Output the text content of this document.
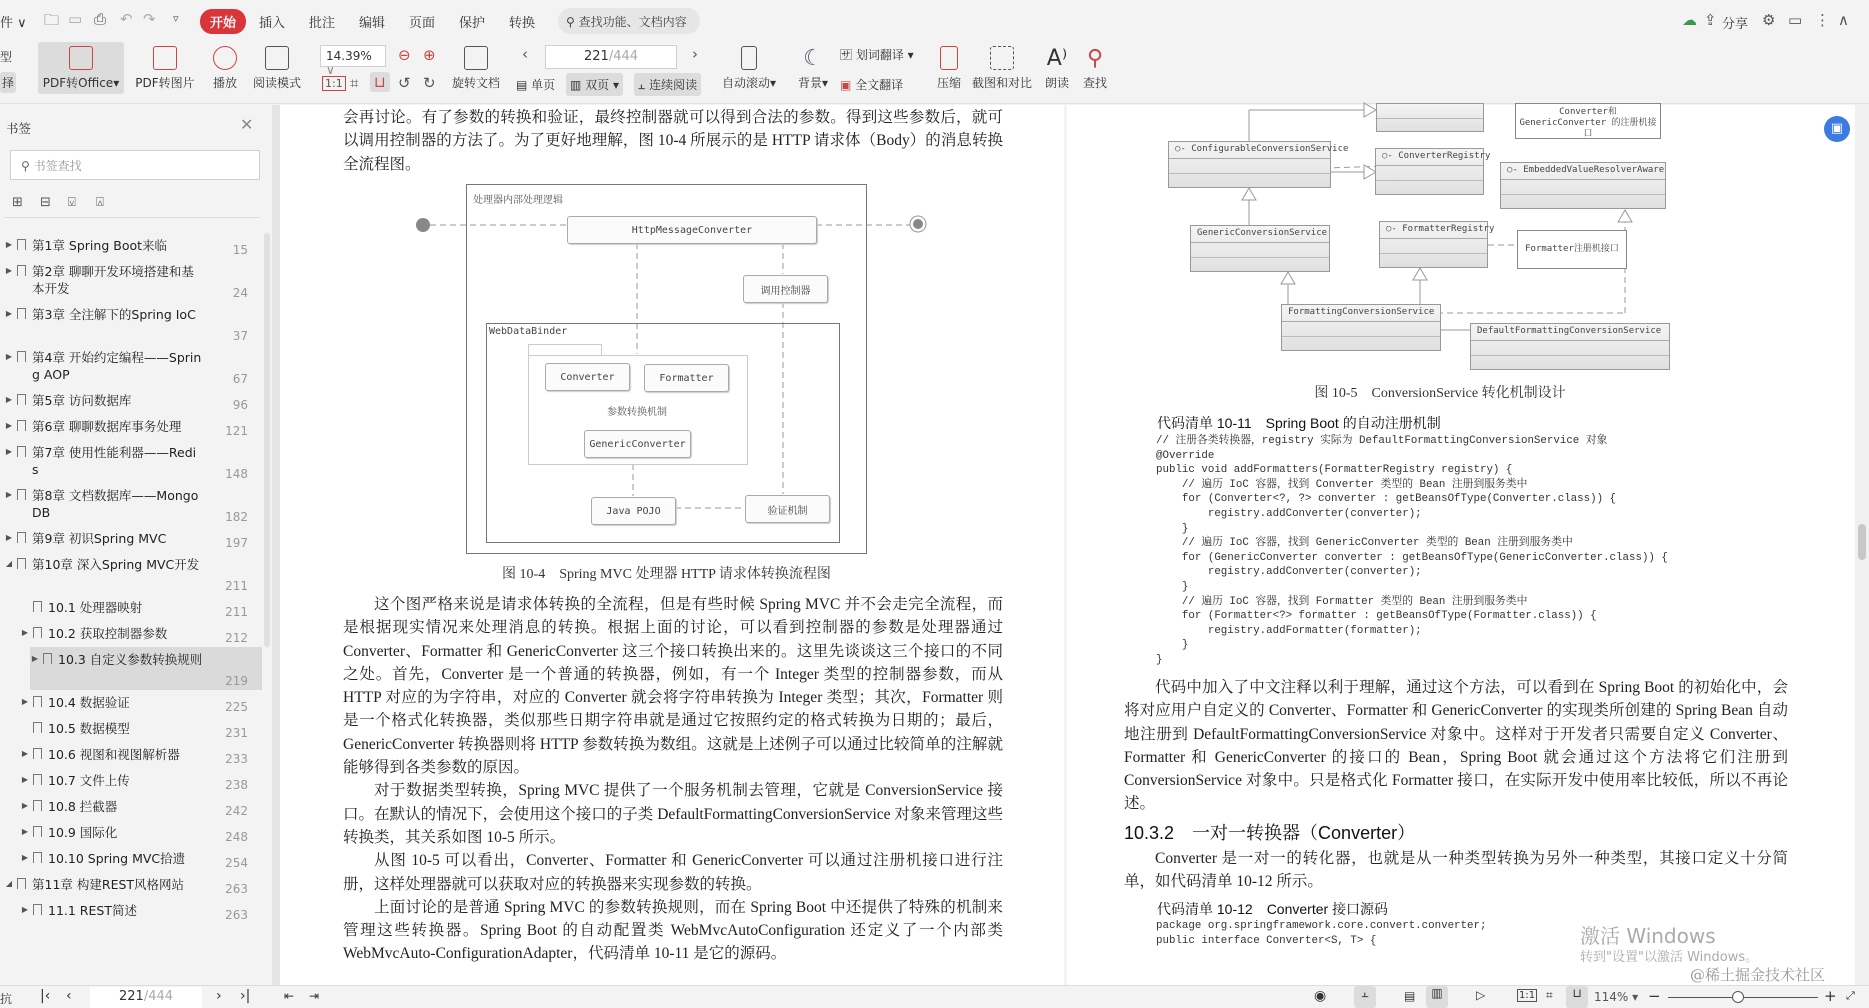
件 ∨ 🗀 ▭ ⎙ ↶ ↷ ▿	开始	插入 批注 编辑 页面 保护 转换	⚲ 查找功能、文档内容	☁ ⇪ 分享 ⚙ ▭ ⋮ ∧
型
择	PDF转Office▾	PDF转图片	播放	阅读模式
14.39% ∨
⊖ ⊕
1:1 ⌗ ⊔ ↺ ↻	旋转文档
‹	221/444	›
▤ 单页	▥ 双页 ▾	⫠ 连续阅读	自动滚动▾
☾
背景▾
🈂 划词翻译 ▾
▣ 全文翻译	压缩 截图和对比
A⁾
朗读
⚲
查找
书签	✕
⚲ 书签查找
⊞ ⊟ ⍌ ⍓
▶ 第1章 Spring Boot来临	15
▶ 第2章 聊聊开发环境搭建和基本开发	24
▶ 第3章 全注解下的Spring IoC
37
▶ 第4章 开始约定编程——Spring AOP	67
▶ 第5章 访问数据库	96
▶ 第6章 聊聊数据库事务处理	121
▶ 第7章 使用性能利器——Redis	148
▶ 第8章 文档数据库——MongoDB	182
▶ 第9章 初识Spring MVC	197
◢ 第10章 深入Spring MVC开发
211
10.1 处理器映射	211
▶ 10.2 获取控制器参数	212
▶ 10.3 自定义参数转换规则
219
▶ 10.4 数据验证	225
10.5 数据模型	231
▶ 10.6 视图和视图解析器	233
▶ 10.7 文件上传	238
▶ 10.8 拦截器	242
▶ 10.9 国际化	248
▶ 10.10 Spring MVC拾遗	254
◢ 第11章 构建REST风格网站	263
▶ 11.1 REST简述	263
会再讨论。有了参数的转换和验证，最终控制器就可以得到合法的参数。得到这些参数后，就可以调用控制器的方法了。为了更好地理解，图 10-4 所展示的是 HTTP 请求体（Body）的消息转换全流程图。
处理器内部处理逻辑
HttpMessageConverter
调用控制器
WebDataBinder
Converter	Formatter
参数转换机制
GenericConverter
Java POJO	验证机制
图 10-4　Spring MVC 处理器 HTTP 请求体转换流程图

这个图严格来说是请求体转换的全流程，但是有些时候 Spring MVC 并不会走完全流程，而是根据现实情况来处理消息的转换。根据上面的讨论，可以看到控制器的参数是处理器通过 Converter、Formatter 和 GenericConverter 这三个接口转换出来的。这里先谈谈这三个接口的不同之处。首先，Converter 是一个普通的转换器，例如，有一个 Integer 类型的控制器参数，而从 HTTP 对应的为字符串，对应的 Converter 就会将字符串转换为 Integer 类型；其次，Formatter 则是一个格式化转换器，类似那些日期字符串就是通过它按照约定的格式转换为日期的；最后，GenericConverter 转换器则将 HTTP 参数转换为数组。这就是上述例子可以通过比较简单的注解就能够得到各类参数的原因。

对于数据类型转换，Spring MVC 提供了一个服务机制去管理，它就是 ConversionService 接口。在默认的情况下，会使用这个接口的子类 DefaultFormattingConversionService 对象来管理这些转换类，其关系如图 10-5 所示。

从图 10-5 可以看出，Converter、Formatter 和 GenericConverter 可以通过注册机接口进行注册，这样处理器就可以获取对应的转换器来实现参数的转换。

上面讨论的是普通 Spring MVC 的参数转换规则，而在 Spring Boot 中还提供了特殊的机制来管理这些转换器。Spring Boot 的自动配置类 WebMvcAutoConfiguration 还定义了一个内部类 WebMvcAuto-ConfigurationAdapter，代码清单 10-11 是它的源码。

Converter和GenericConverter 的注册机接口
○- ConfigurableConversionService
○- ConverterRegistry
○- EmbeddedValueResolverAware
GenericConversionService	○- FormatterRegistry
Formatter注册机接口
FormattingConversionService
DefaultFormattingConversionService
图 10-5　ConversionService 转化机制设计
代码清单 10-11　Spring Boot 的自动注册机制
// 注册各类转换器，registry 实际为 DefaultFormattingConversionService 对象
@Override
public void addFormatters(FormatterRegistry registry) {
// 遍历 IoC 容器，找到 Converter 类型的 Bean 注册到服务类中
for (Converter<?, ?> converter : getBeansOfType(Converter.class)) {
registry.addConverter(converter);
}
// 遍历 IoC 容器，找到 GenericConverter 类型的 Bean 注册到服务类中
for (GenericConverter converter : getBeansOfType(GenericConverter.class)) {
registry.addConverter(converter);
}
// 遍历 IoC 容器，找到 Formatter 类型的 Bean 注册到服务类中
for (Formatter<?> formatter : getBeansOfType(Formatter.class)) {
registry.addFormatter(formatter);
}
}

代码中加入了中文注释以利于理解，通过这个方法，可以看到在 Spring Boot 的初始化中，会将对应用户自定义的 Converter、Formatter 和 GenericConverter 的实现类所创建的 Spring Bean 自动地注册到 DefaultFormattingConversionService 对象中。这样对于开发者只需要自定义 Converter、Formatter 和 GenericConverter 的接口的 Bean，Spring Boot 就会通过这个方法将它们注册到 ConversionService 对象中。只是格式化 Formatter 接口，在实际开发中使用率比较低，所以不再论述。

10.3.2　一对一转换器（Converter）

Converter 是一对一的转化器，也就是从一种类型转换为另外一种类型，其接口定义十分简单，如代码清单 10-12 所示。

代码清单 10-12　Converter 接口源码
package org.springframework.core.convert.converter;
public interface Converter<S, T> {
▣
激活 Windows
转到"设置"以激活 Windows。
@稀土掘金技术社区
抗 |‹ ‹	221/444	› ›|	⇤ ⇥	◉	⫠	▤	▥	▷	1:1 ⌗	⊔	114% ▾ −	+ ⤢
